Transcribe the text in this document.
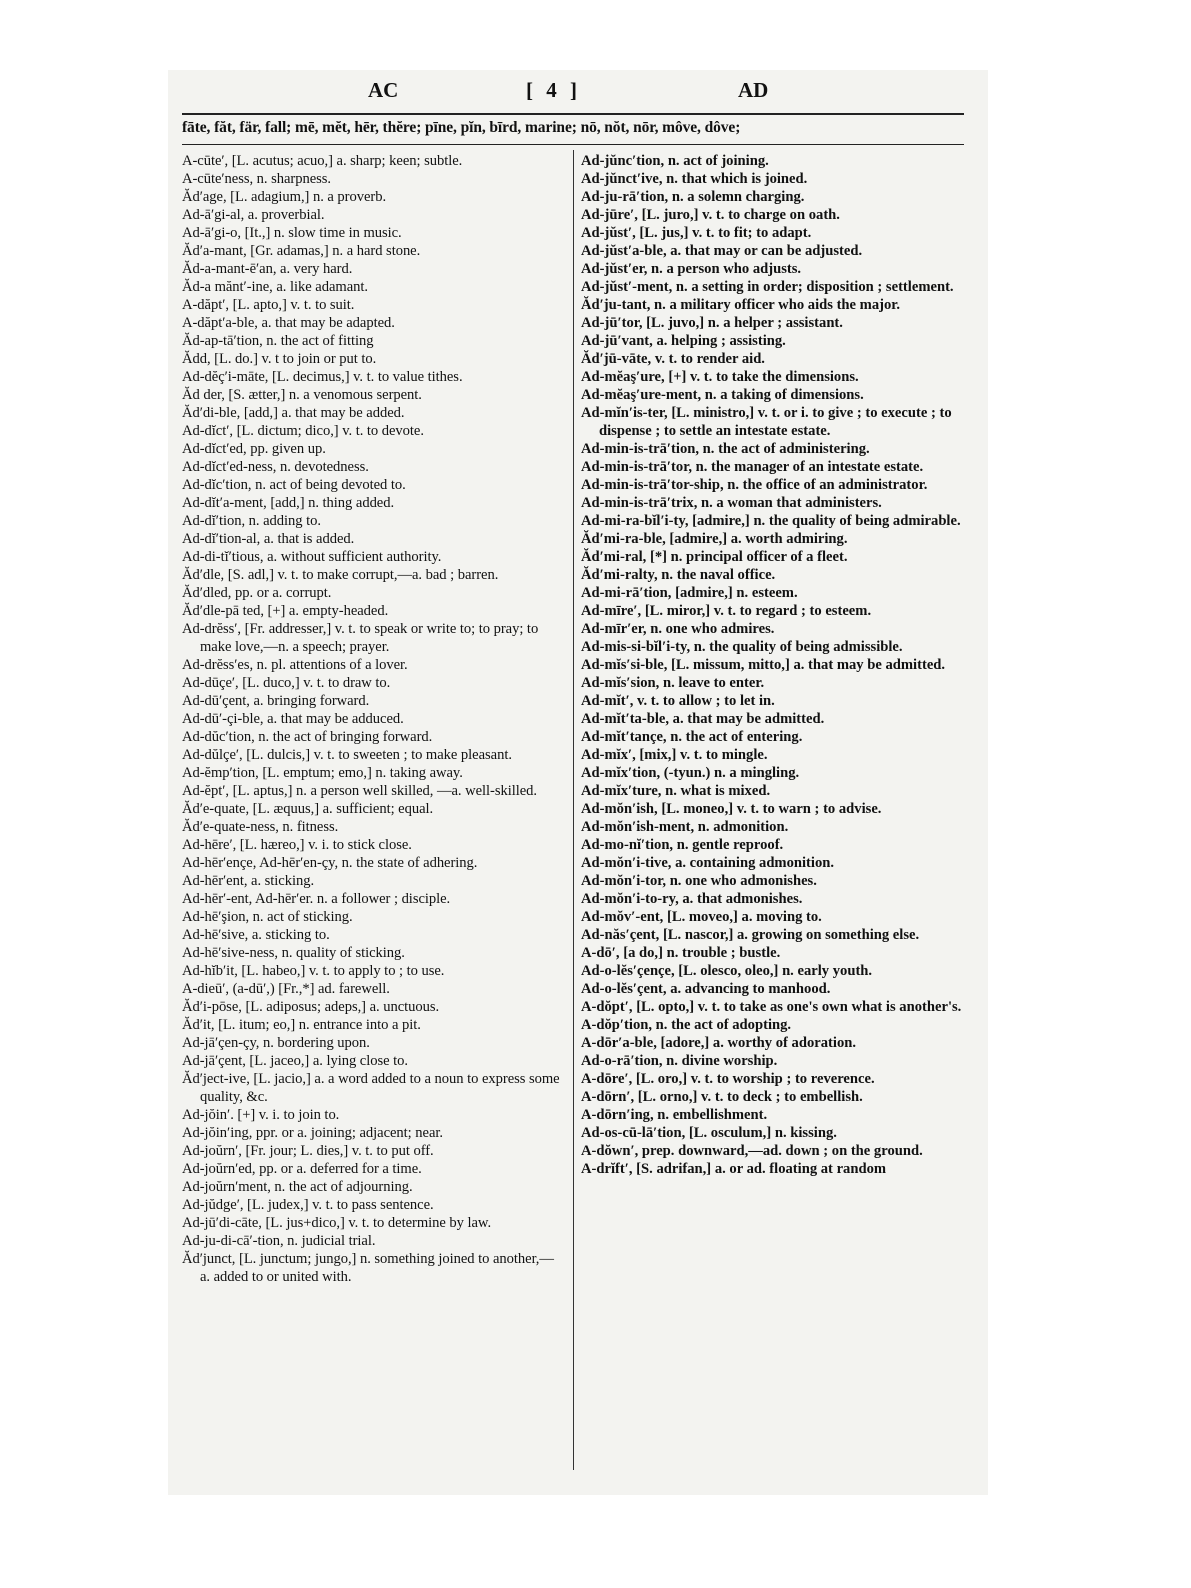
AC	[ 4 ]	AD
fāte, făt, fär, fall; mē, mĕt, hēr, thĕre; pīne, pĭn, bīrd, marine; nō, nŏt, nōr, môve, dôve;
A-cūte′, [L. acutus; acuo,] a. sharp; keen; subtle.
A-cūte′ness, n. sharpness.
Ăd′age, [L. adagium,] n. a proverb.
Ad-ā′gi-al, a. proverbial.
Ad-ā′gi-o, [It.,] n. slow time in music.
Ăd′a-mant, [Gr. adamas,] n. a hard stone.
Ăd-a-mant-ē′an, a. very hard.
Ăd-a mănt′-ine, a. like adamant.
A-dăpt′, [L. apto,] v. t. to suit.
A-dăpt′a-ble, a. that may be adapted.
Ăd-ap-tā′tion, n. the act of fitting
Ădd, [L. do.] v. t to join or put to.
Ad-dĕç′i-māte, [L. decimus,] v. t. to value tithes.
Ăd der, [S. ætter,] n. a venomous serpent.
Ăd′di-ble, [add,] a. that may be added.
Ad-dĭct′, [L. dictum; dico,] v. t. to devote.
Ad-dĭct′ed, pp. given up.
Ad-dĭct′ed-ness, n. devotedness.
Ad-dĭc′tion, n. act of being devoted to.
Ad-dĭt′a-ment, [add,] n. thing added.
Ad-dĭ′tion, n. adding to.
Ad-dĭ′tion-al, a. that is added.
Ad-di-tĭ′tious, a. without sufficient authority.
Ăd′dle, [S. adl,] v. t. to make corrupt,—a. bad ; barren.
Ăd′dled, pp. or a. corrupt.
Ăd′dle-pā ted, [+] a. empty-headed.
Ad-drĕss′, [Fr. addresser,] v. t. to speak or write to; to pray; to make love,—n. a speech; prayer.
Ad-drĕss′es, n. pl. attentions of a lover.
Ad-dūçe′, [L. duco,] v. t. to draw to.
Ad-dū′çent, a. bringing forward.
Ad-dū′-çi-ble, a. that may be adduced.
Ad-dŭc′tion, n. the act of bringing forward.
Ad-dŭlçe′, [L. dulcis,] v. t. to sweeten ; to make pleasant.
Ad-ĕmp′tion, [L. emptum; emo,] n. taking away.
Ad-ĕpt′, [L. aptus,] n. a person well skilled, —a. well-skilled.
Ăd′e-quate, [L. æquus,] a. sufficient; equal.
Ăd′e-quate-ness, n. fitness.
Ad-hēre′, [L. hæreo,] v. i. to stick close.
Ad-hēr′ençe, Ad-hēr′en-çy, n. the state of adhering.
Ad-hēr′ent, a. sticking.
Ad-hēr′-ent, Ad-hēr′er. n. a follower ; disciple.
Ad-hē′şion, n. act of sticking.
Ad-hē′sive, a. sticking to.
Ad-hē′sive-ness, n. quality of sticking.
Ad-hĭb′it, [L. habeo,] v. t. to apply to ; to use.
A-dieū′, (a-dū′,) [Fr.,*] ad. farewell.
Ăd′i-pōse, [L. adiposus; adeps,] a. unctuous.
Ăd′it, [L. itum; eo,] n. entrance into a pit.
Ad-jā′çen-çy, n. bordering upon.
Ad-jā′çent, [L. jaceo,] a. lying close to.
Ăd′ject-ive, [L. jacio,] a. a word added to a noun to express some quality, &c.
Ad-jŏin′. [+] v. i. to join to.
Ad-jŏin′ing, ppr. or a. joining; adjacent; near.
Ad-joŭrn′, [Fr. jour; L. dies,] v. t. to put off.
Ad-joŭrn′ed, pp. or a. deferred for a time.
Ad-joŭrn′ment, n. the act of adjourning.
Ad-jŭdge′, [L. judex,] v. t. to pass sentence.
Ad-jū′di-cāte, [L. jus+dico,] v. t. to determine by law.
Ad-ju-di-cā′-tion, n. judicial trial.
Ăd′junct, [L. junctum; jungo,] n. something joined to another,—a. added to or united with.
Ad-jŭnc′tion, n. act of joining.
Ad-jŭnct′ive, n. that which is joined.
Ad-ju-rā′tion, n. a solemn charging.
Ad-jūre′, [L. juro,] v. t. to charge on oath.
Ad-jŭst′, [L. jus,] v. t. to fit; to adapt.
Ad-jŭst′a-ble, a. that may or can be adjusted.
Ad-jŭst′er, n. a person who adjusts.
Ad-jŭst′-ment, n. a setting in order; disposition ; settlement.
Ăd′ju-tant, n. a military officer who aids the major.
Ad-jū′tor, [L. juvo,] n. a helper ; assistant.
Ad-jū′vant, a. helping ; assisting.
Ăd′jū-vāte, v. t. to render aid.
Ad-mĕaş′ure, [+] v. t. to take the dimensions.
Ad-mĕaş′ure-ment, n. a taking of dimensions.
Ad-mĭn′is-ter, [L. ministro,] v. t. or i. to give ; to execute ; to dispense ; to settle an intestate estate.
Ad-min-is-trā′tion, n. the act of administering.
Ad-min-is-trā′tor, n. the manager of an intestate estate.
Ad-min-is-trā′tor-ship, n. the office of an administrator.
Ad-min-is-trā′trix, n. a woman that administers.
Ad-mi-ra-bĭl′i-ty, [admire,] n. the quality of being admirable.
Ăd′mi-ra-ble, [admire,] a. worth admiring.
Ăd′mi-ral, [*] n. principal officer of a fleet.
Ăd′mi-ralty, n. the naval office.
Ad-mi-rā′tion, [admire,] n. esteem.
Ad-mīre′, [L. miror,] v. t. to regard ; to esteem.
Ad-mīr′er, n. one who admires.
Ad-mis-si-bĭl′i-ty, n. the quality of being admissible.
Ad-mĭs′si-ble, [L. missum, mitto,] a. that may be admitted.
Ad-mĭs′sion, n. leave to enter.
Ad-mĭt′, v. t. to allow ; to let in.
Ad-mĭt′ta-ble, a. that may be admitted.
Ad-mĭt′tançe, n. the act of entering.
Ad-mĭx′, [mix,] v. t. to mingle.
Ad-mĭx′tion, (-tyun.) n. a mingling.
Ad-mĭx′ture, n. what is mixed.
Ad-mŏn′ish, [L. moneo,] v. t. to warn ; to advise.
Ad-mŏn′ish-ment, n. admonition.
Ad-mo-nĭ′tion, n. gentle reproof.
Ad-mŏn′i-tive, a. containing admonition.
Ad-mŏn′i-tor, n. one who admonishes.
Ad-mŏn′i-to-ry, a. that admonishes.
Ad-mŏv′-ent, [L. moveo,] a. moving to.
Ad-năs′çent, [L. nascor,] a. growing on something else.
A-dō′, [a do,] n. trouble ; bustle.
Ad-o-lĕs′çençe, [L. olesco, oleo,] n. early youth.
Ad-o-lĕs′çent, a. advancing to manhood.
A-dŏpt′, [L. opto,] v. t. to take as one's own what is another's.
A-dŏp′tion, n. the act of adopting.
A-dōr′a-ble, [adore,] a. worthy of adoration.
Ad-o-rā′tion, n. divine worship.
A-dōre′, [L. oro,] v. t. to worship ; to reverence.
A-dōrn′, [L. orno,] v. t. to deck ; to embellish.
A-dōrn′ing, n. embellishment.
Ad-os-cū-lā′tion, [L. osculum,] n. kissing.
A-dŏwn′, prep. downward,—ad. down ; on the ground.
A-drĭft′, [S. adrifan,] a. or ad. floating at random
